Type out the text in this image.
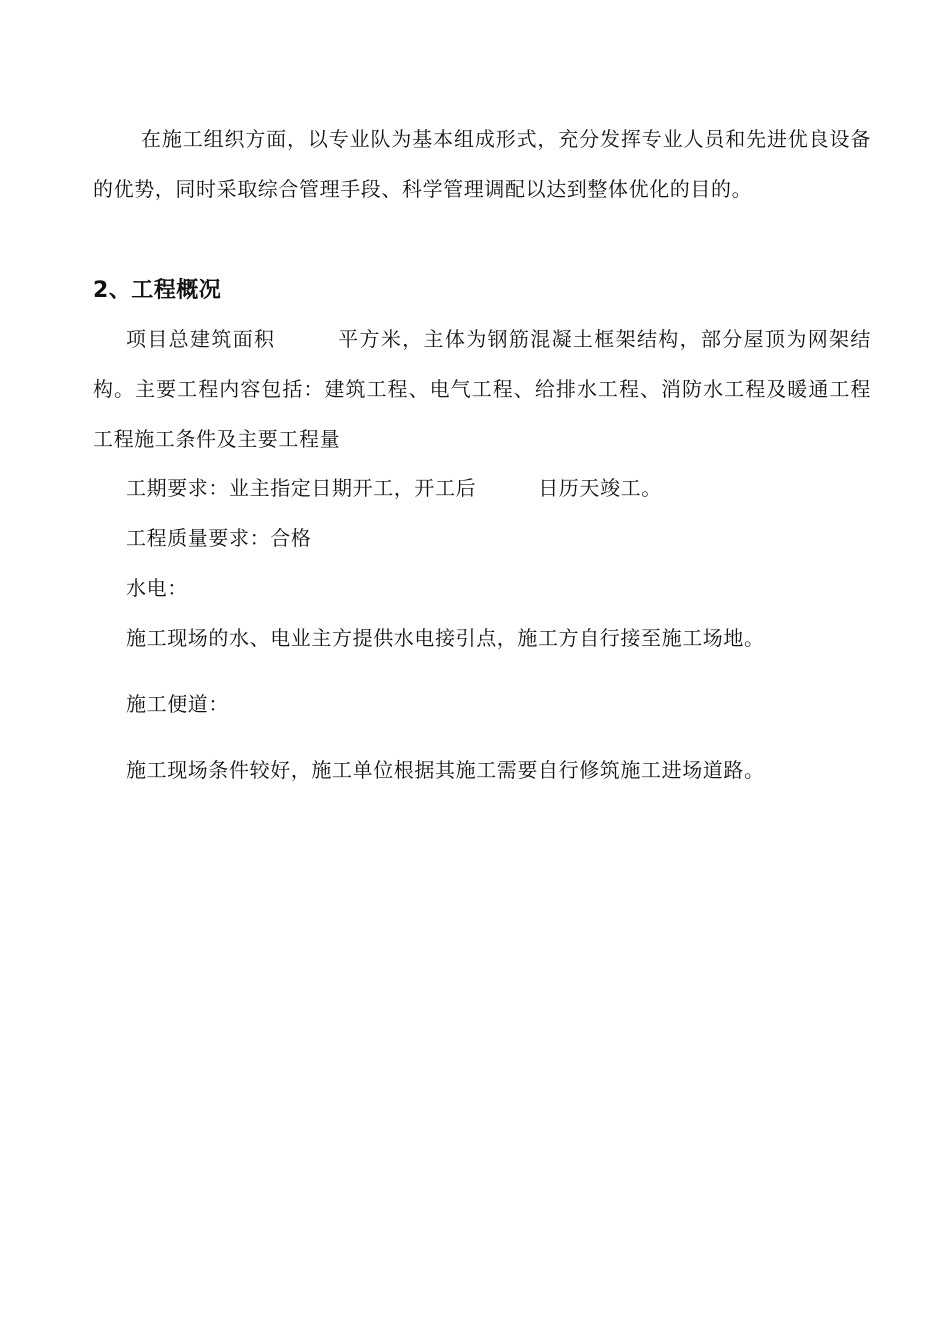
在施工组织方面，以专业队为基本组成形式，充分发挥专业人员和先进优良设备的优势，同时采取综合管理手段、科学管理调配以达到整体优化的目的。

2、工程概况

项目总建筑面积	平方米，主体为钢筋混凝土框架结构，部分屋顶为网架结构。主要工程内容包括：建筑工程、电气工程、给排水工程、消防水工程及暖通工程工程施工条件及主要工程量

工期要求：业主指定日期开工，开工后	日历天竣工。

工程质量要求：合格

水电：

施工现场的水、电业主方提供水电接引点，施工方自行接至施工场地。

施工便道：

施工现场条件较好，施工单位根据其施工需要自行修筑施工进场道路。
